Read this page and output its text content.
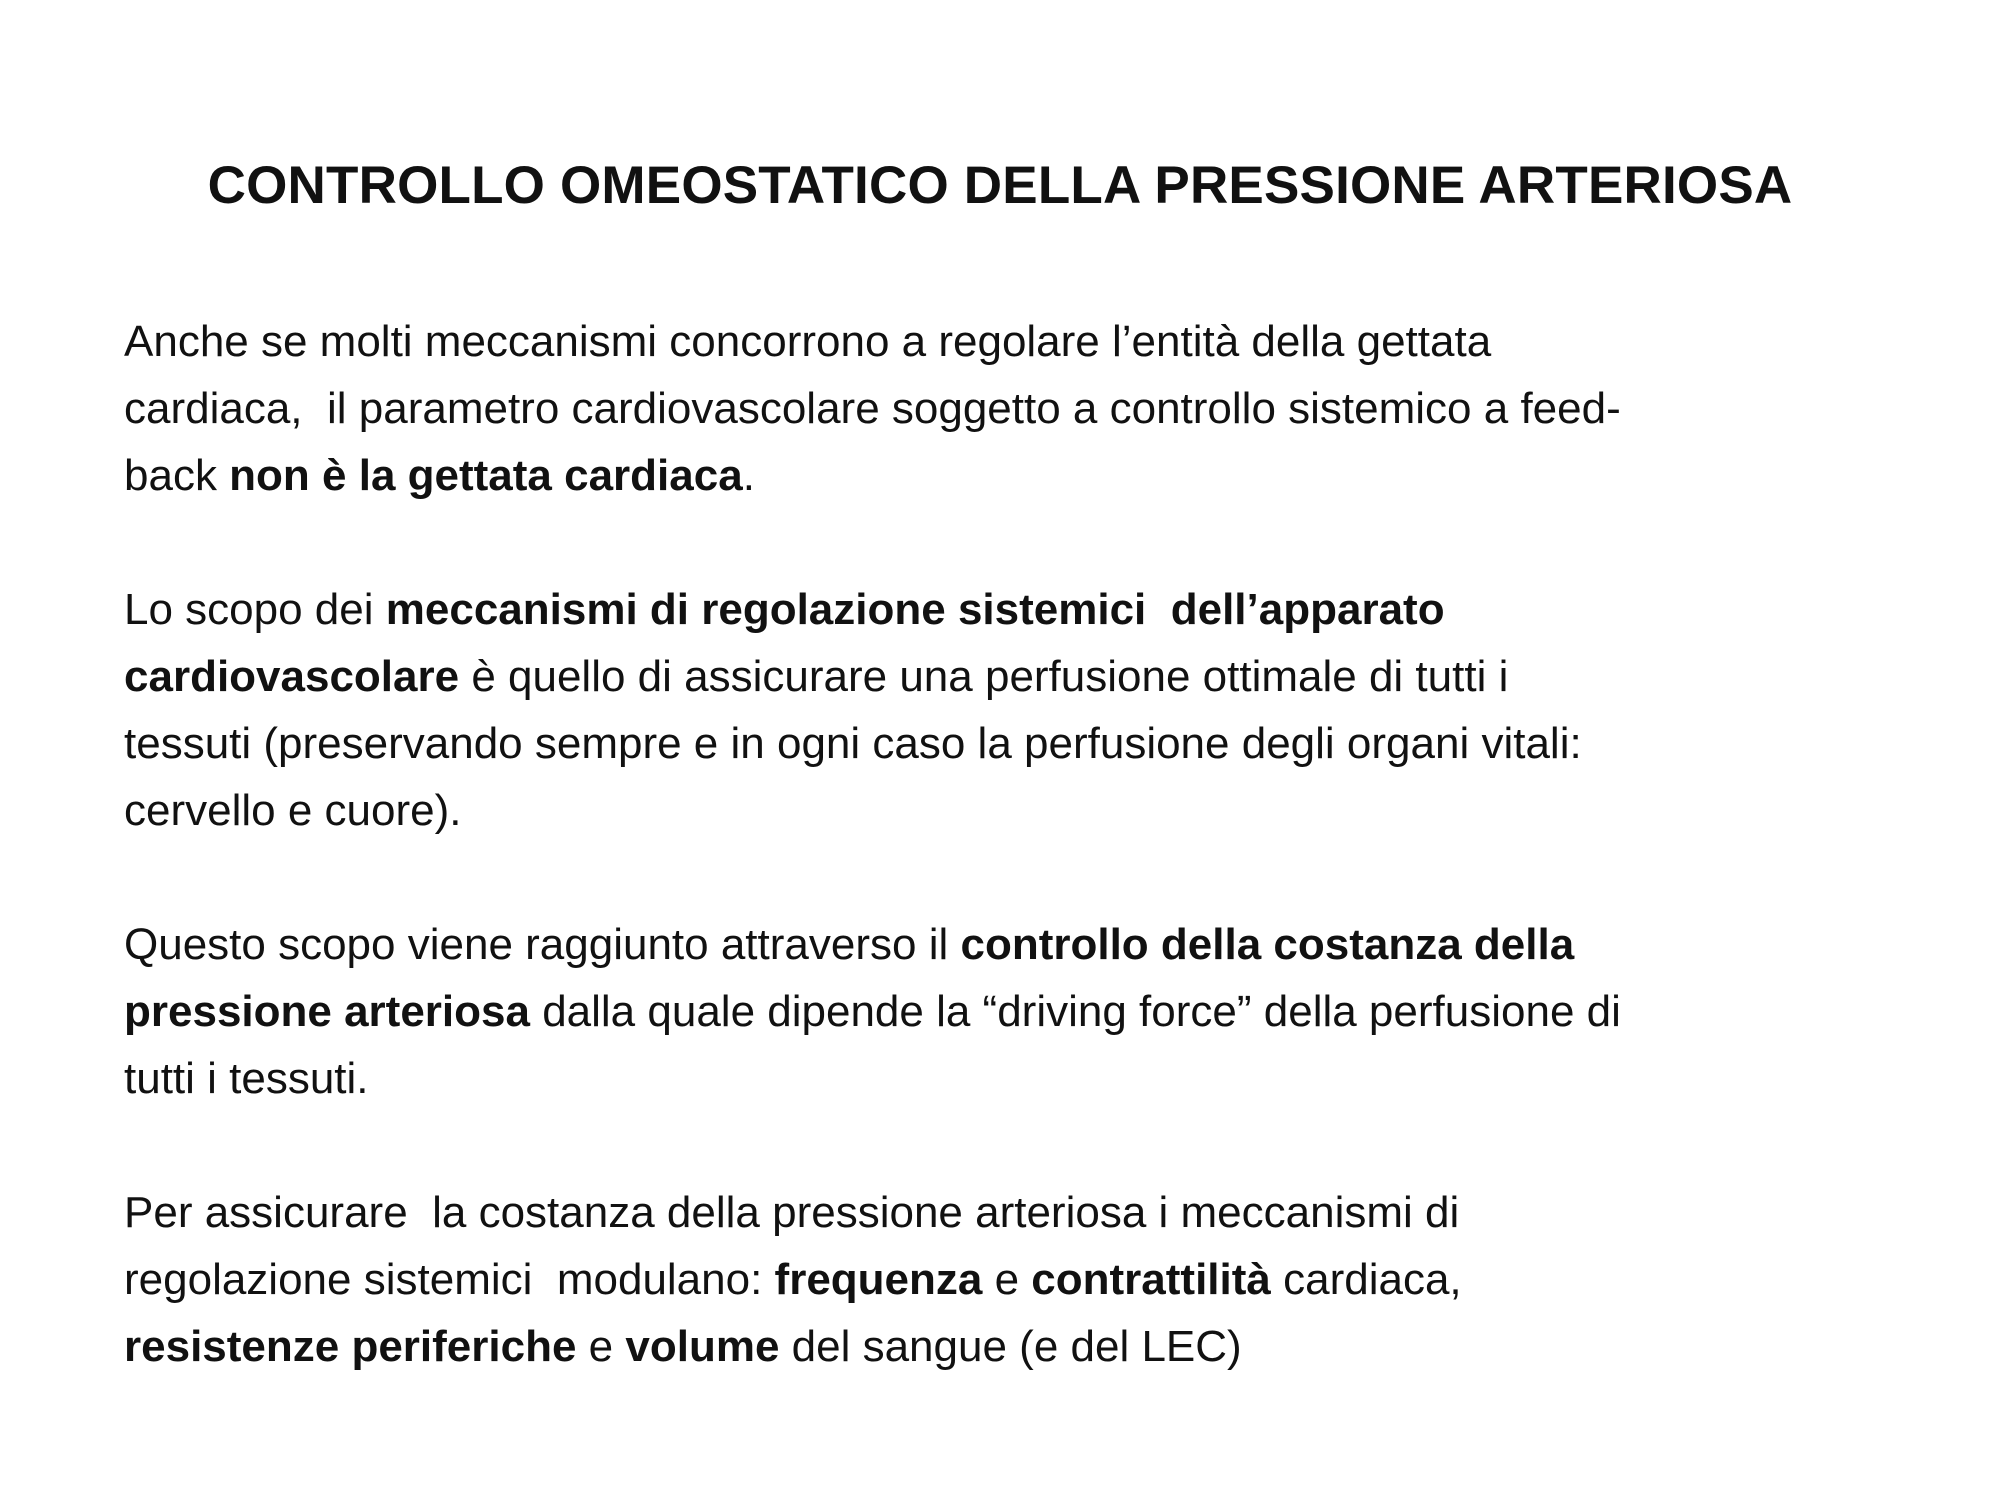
CONTROLLO OMEOSTATICO DELLA PRESSIONE ARTERIOSA

Anche se molti meccanismi concorrono a regolare l’entità della gettata
cardiaca,  il parametro cardiovascolare soggetto a controllo sistemico a feed-
back non è la gettata cardiaca.

Lo scopo dei meccanismi di regolazione sistemici  dell’apparato
cardiovascolare è quello di assicurare una perfusione ottimale di tutti i
tessuti (preservando sempre e in ogni caso la perfusione degli organi vitali:
cervello e cuore).

Questo scopo viene raggiunto attraverso il controllo della costanza della
pressione arteriosa dalla quale dipende la “driving force” della perfusione di
tutti i tessuti.

Per assicurare  la costanza della pressione arteriosa i meccanismi di
regolazione sistemici  modulano: frequenza e contrattilità cardiaca,
resistenze periferiche e volume del sangue (e del LEC)
